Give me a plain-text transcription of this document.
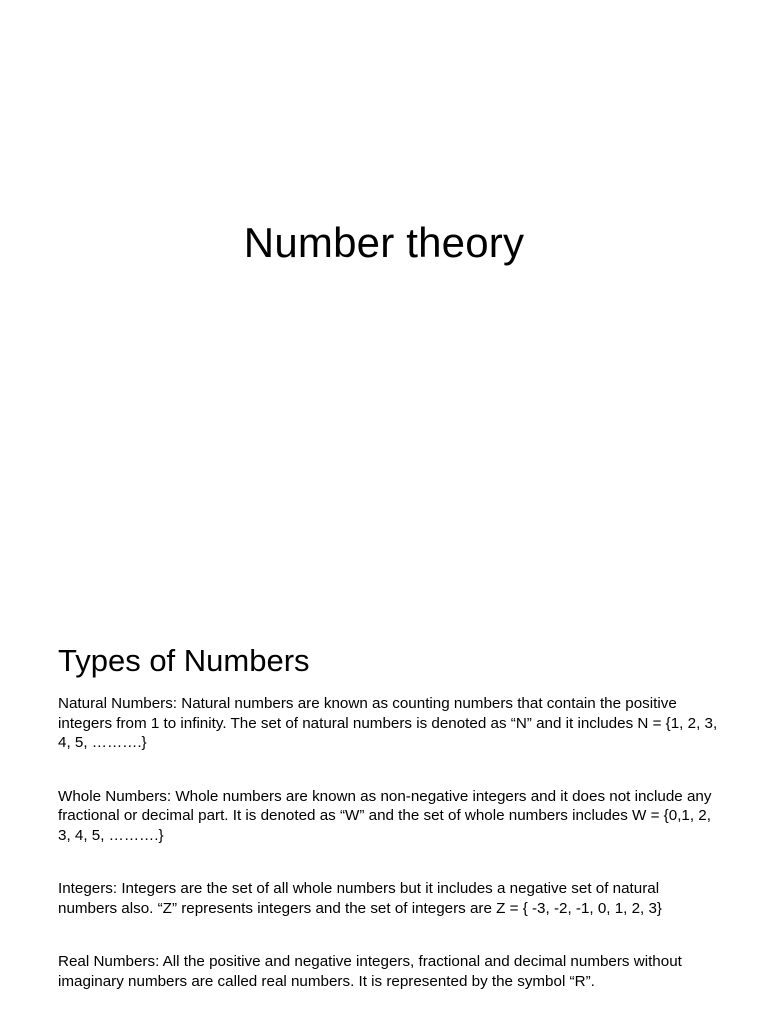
Number theory
Types of Numbers

Natural Numbers: Natural numbers are known as counting numbers that contain the positive integers from 1 to infinity. The set of natural numbers is denoted as “N” and it includes N = {1, 2, 3, 4, 5, ……….}

Whole Numbers: Whole numbers are known as non-negative integers and it does not include any fractional or decimal part. It is denoted as “W” and the set of whole numbers includes W = {0,1, 2, 3, 4, 5, ……….}

Integers: Integers are the set of all whole numbers but it includes a negative set of natural numbers also. “Z” represents integers and the set of integers are Z = { -3, -2, -1, 0, 1, 2, 3}

Real Numbers: All the positive and negative integers, fractional and decimal numbers without imaginary numbers are called real numbers. It is represented by the symbol “R”.
